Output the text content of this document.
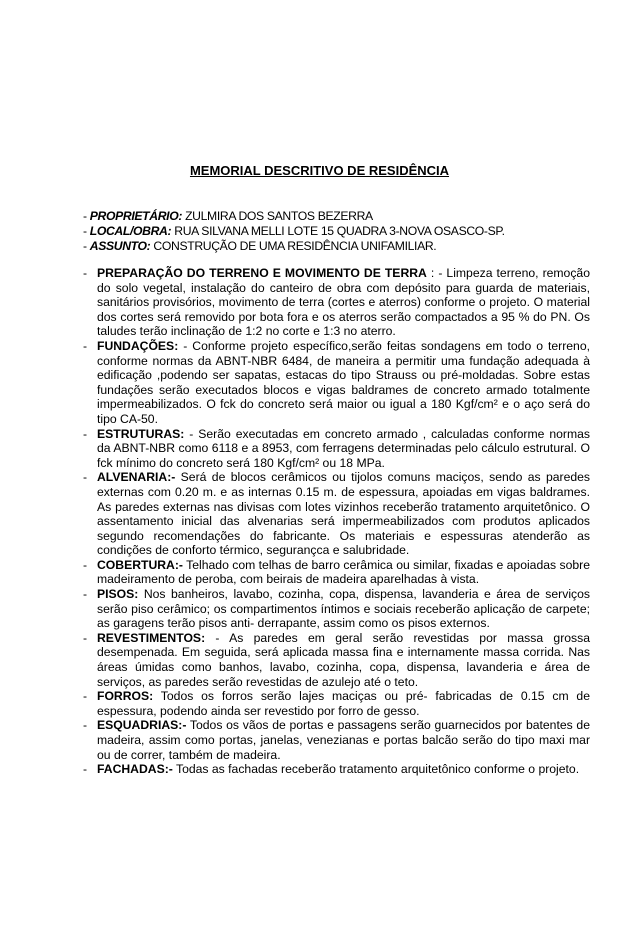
MEMORIAL DESCRITIVO DE RESIDÊNCIA
- PROPRIETÁRIO: ZULMIRA DOS SANTOS BEZERRA
- LOCAL/OBRA: RUA SILVANA MELLI LOTE 15 QUADRA 3-NOVA OSASCO-SP.
- ASSUNTO: CONSTRUÇÃO DE UMA RESIDÊNCIA UNIFAMILIAR.

- PREPARAÇÃO DO TERRENO E MOVIMENTO DE TERRA : - Limpeza terreno, remoção do solo vegetal, instalação do canteiro de obra com depósito para guarda de materiais, sanitários provisórios, movimento de terra (cortes e aterros) conforme o projeto. O material dos cortes será removido por bota fora e os aterros serão compactados a 95 % do PN. Os taludes terão inclinação de 1:2 no corte e 1:3 no aterro.

- FUNDAÇÕES: - Conforme projeto específico,serão feitas sondagens em todo o terreno, conforme normas da ABNT-NBR 6484, de maneira a permitir uma fundação adequada à edificação ,podendo ser sapatas, estacas do tipo Strauss ou pré-moldadas. Sobre estas fundações serão executados blocos e vigas baldrames de concreto armado totalmente impermeabilizados. O fck do concreto será maior ou igual a 180 Kgf/cm² e o aço será do tipo CA-50.

- ESTRUTURAS: - Serão executadas em concreto armado , calculadas conforme normas da ABNT-NBR como 6118 e a 8953, com ferragens determinadas pelo cálculo estrutural. O fck mínimo do concreto será 180 Kgf/cm² ou 18 MPa.

- ALVENARIA:- Será de blocos cerâmicos ou tijolos comuns maciços, sendo as paredes externas com 0.20 m. e as internas 0.15 m. de espessura, apoiadas em vigas baldrames. As paredes externas nas divisas com lotes vizinhos receberão tratamento arquitetônico. O assentamento inicial das alvenarias será impermeabilizados com produtos aplicados segundo recomendações do fabricante. Os materiais e espessuras atenderão as condições de conforto térmico, segurançca e salubridade.

- COBERTURA:- Telhado com telhas de barro cerâmica ou similar, fixadas e apoiadas sobre madeiramento de peroba, com beirais de madeira aparelhadas à vista.

- PISOS: Nos banheiros, lavabo, cozinha, copa, dispensa, lavanderia e área de serviços serão piso cerâmico; os compartimentos íntimos e sociais receberão aplicação de carpete; as garagens terão pisos anti- derrapante, assim como os pisos externos.

- REVESTIMENTOS: - As paredes em geral serão revestidas por massa grossa desempenada. Em seguida, será aplicada massa fina e internamente massa corrida. Nas áreas úmidas como banhos, lavabo, cozinha, copa, dispensa, lavanderia e área de serviços, as paredes serão revestidas de azulejo até o teto.

- FORROS: Todos os forros serão lajes maciças ou pré- fabricadas de 0.15 cm de espessura, podendo ainda ser revestido por forro de gesso.

- ESQUADRIAS:- Todos os vãos de portas e passagens serão guarnecidos por batentes de madeira, assim como portas, janelas, venezianas e portas balcão serão do tipo maxi mar ou de correr, também de madeira.

- FACHADAS:- Todas as fachadas receberão tratamento arquitetônico conforme o projeto.
